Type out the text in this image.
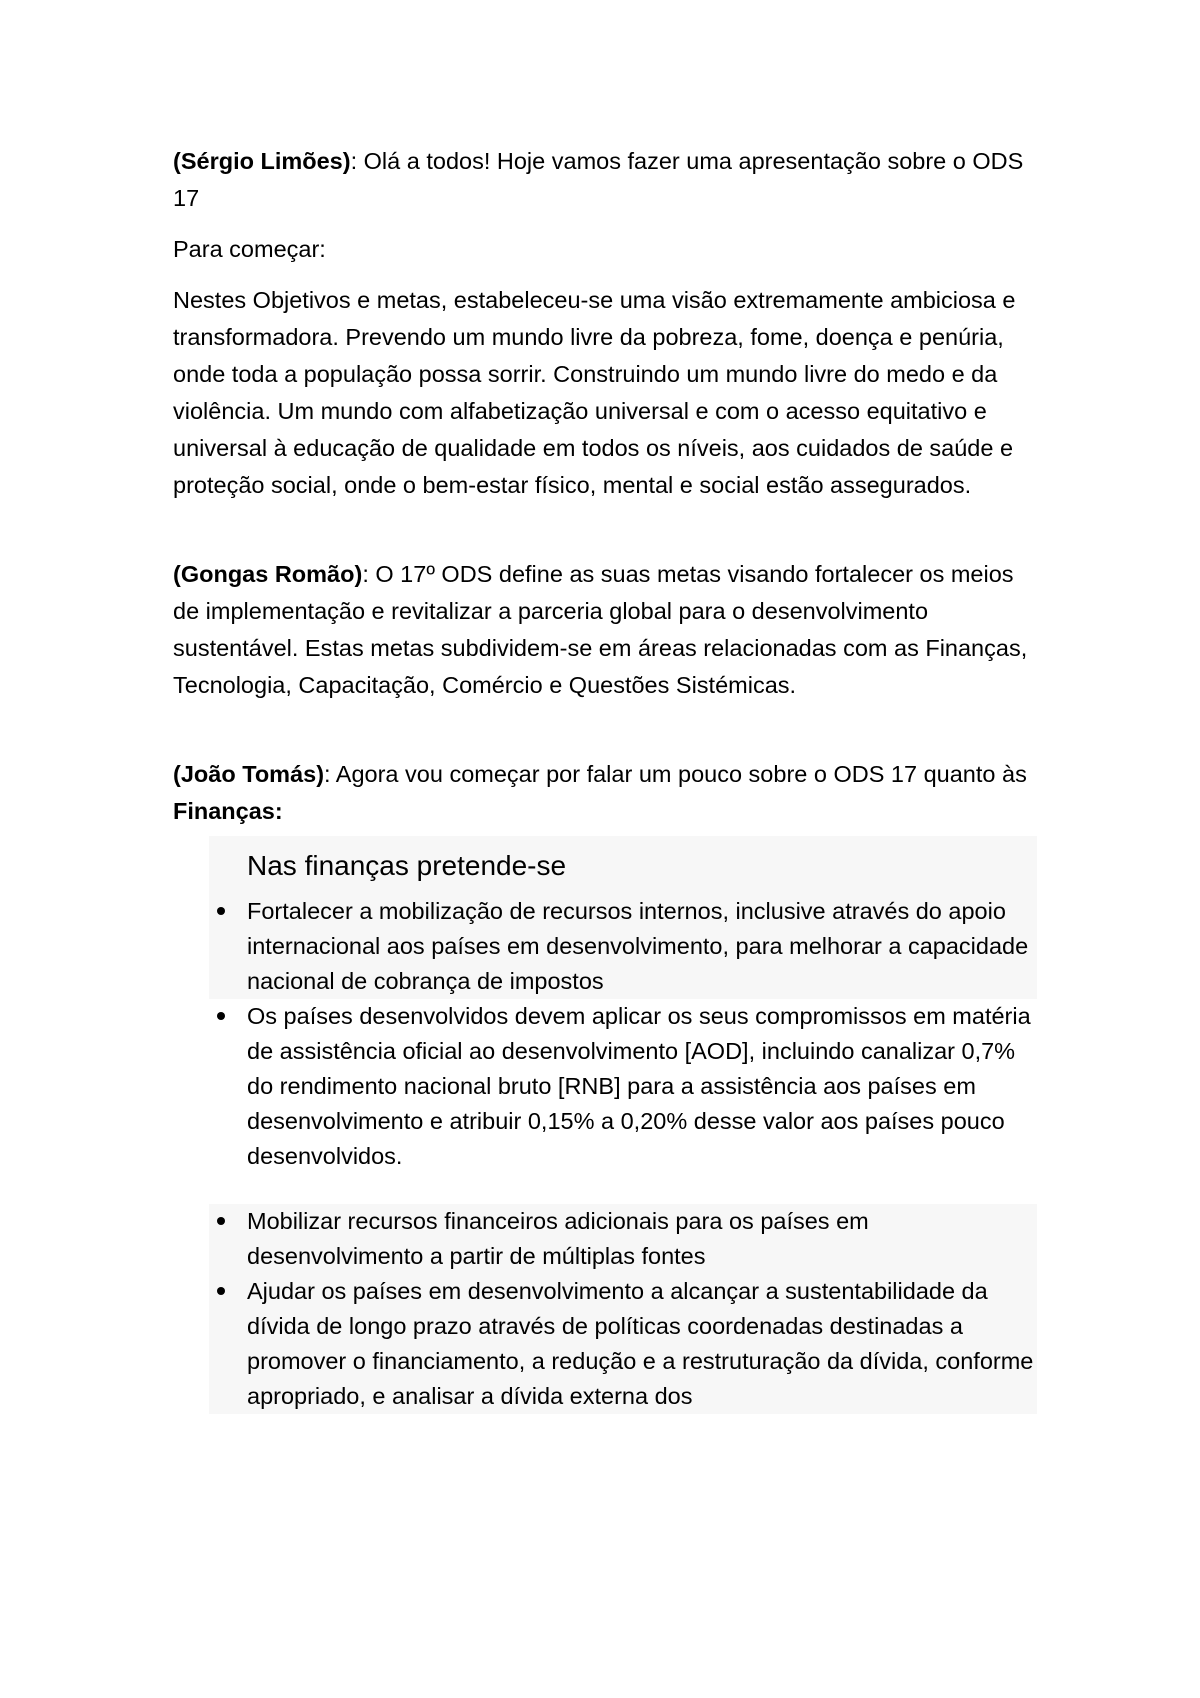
(Sérgio Limões): Olá a todos! Hoje vamos fazer uma apresentação sobre o ODS 17

Para começar:

Nestes Objetivos e metas, estabeleceu-se uma visão extremamente ambiciosa e transformadora. Prevendo um mundo livre da pobreza, fome, doença e penúria, onde toda a população possa sorrir. Construindo um mundo livre do medo e da violência. Um mundo com alfabetização universal e com o acesso equitativo e universal à educação de qualidade em todos os níveis, aos cuidados de saúde e proteção social, onde o bem-estar físico, mental e social estão assegurados.

(Gongas Romão): O 17º ODS define as suas metas visando fortalecer os meios de implementação e revitalizar a parceria global para o desenvolvimento sustentável. Estas metas subdividem-se em áreas relacionadas com as Finanças, Tecnologia, Capacitação, Comércio e Questões Sistémicas.

(João Tomás): Agora vou começar por falar um pouco sobre o ODS 17 quanto às Finanças:

Nas finanças pretende-se
Fortalecer a mobilização de recursos internos, inclusive através do apoio internacional aos países em desenvolvimento, para melhorar a capacidade nacional de cobrança de impostos
Os países desenvolvidos devem aplicar os seus compromissos em matéria de assistência oficial ao desenvolvimento [AOD], incluindo canalizar 0,7% do rendimento nacional bruto [RNB] para a assistência aos países em desenvolvimento e atribuir 0,15% a 0,20% desse valor aos países pouco desenvolvidos.
Mobilizar recursos financeiros adicionais para os países em desenvolvimento a partir de múltiplas fontes
Ajudar os países em desenvolvimento a alcançar a sustentabilidade da dívida de longo prazo através de políticas coordenadas destinadas a promover o financiamento, a redução e a restruturação da dívida, conforme apropriado, e analisar a dívida externa dos
